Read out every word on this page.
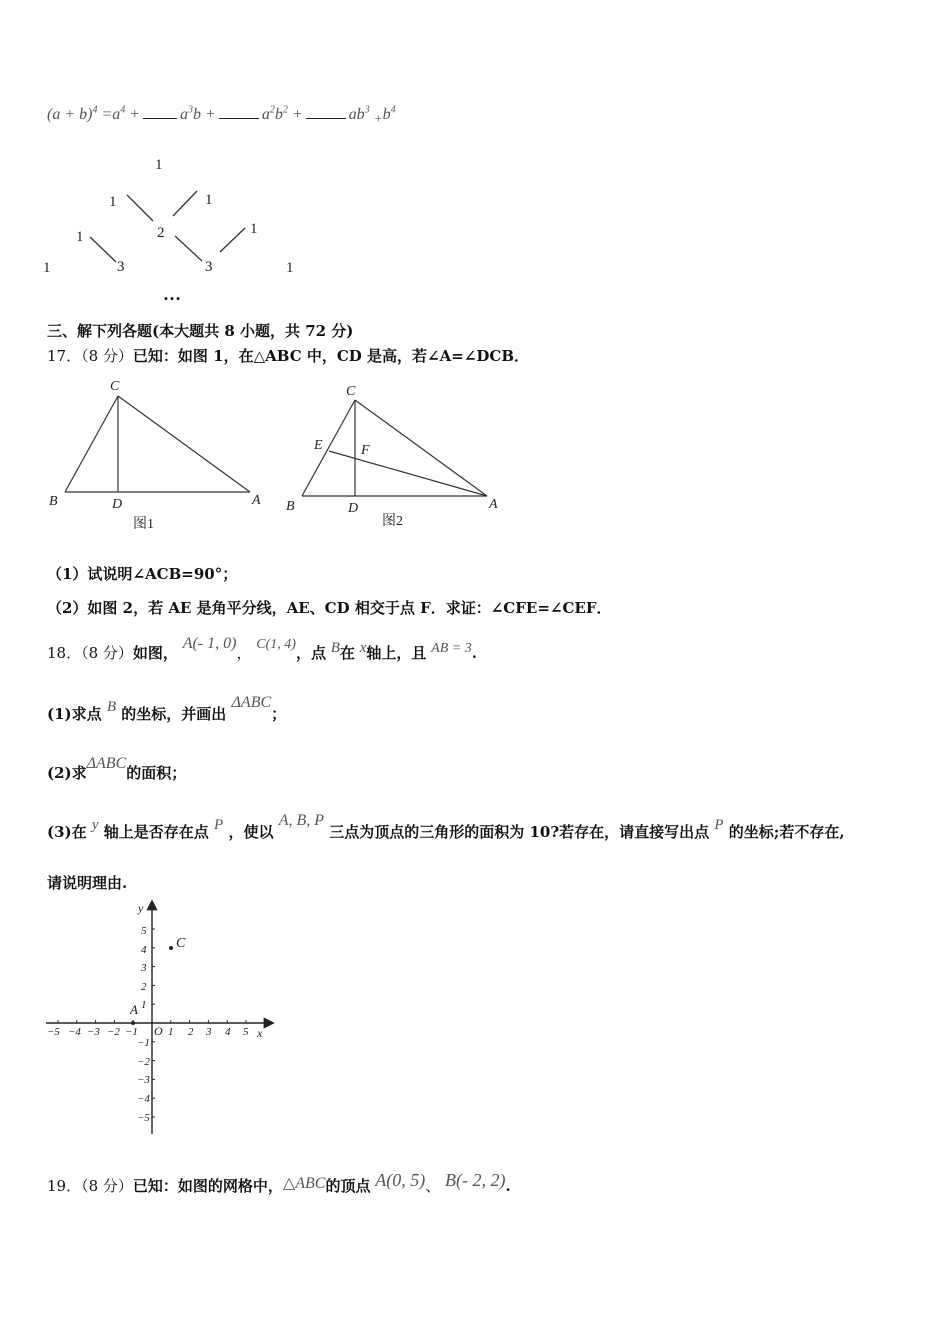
$(a + b)^4 =a^4$ +	$a^3b$ +	$a^2b^2$ +	$ab^3$ $_+b^4$
1
1	1
1	2	1
1	3	3	1
…
三、解下列各题(本大题共 8 小题，共 72 分)
17．（8 分）已知：如图 1，在△ABC 中，CD 是高，若∠A=∠DCB．
C
B	D	A
C
E	F
B	D	A
图1	图2
（1）试说明∠ACB=90°；
（2）如图 2，若 AE 是角平分线，AE、CD 相交于点 F．求证：∠CFE=∠CEF．
18．（8 分）如图， A(- 1, 0)， C(1, 4)，点 B在 x轴上，且 AB = 3.
(1)求点 B 的坐标，并画出 ΔABC；
(2)求ΔABC的面积；
(3)在 y 轴上是否存在点 P ，使以 A, B, P 三点为顶点的三角形的面积为 10?若存在，请直接写出点 P 的坐标;若不存在,
请说明理由.
x
y
O
−5 −4 −3 −2 −1	1 2 3 4 5
5
4
3
2
1
−1
−2
−3
−4
−5
A
C
19．（8 分）已知：如图的网格中，△ABC的顶点 A(0, 5)、 B(- 2, 2).
